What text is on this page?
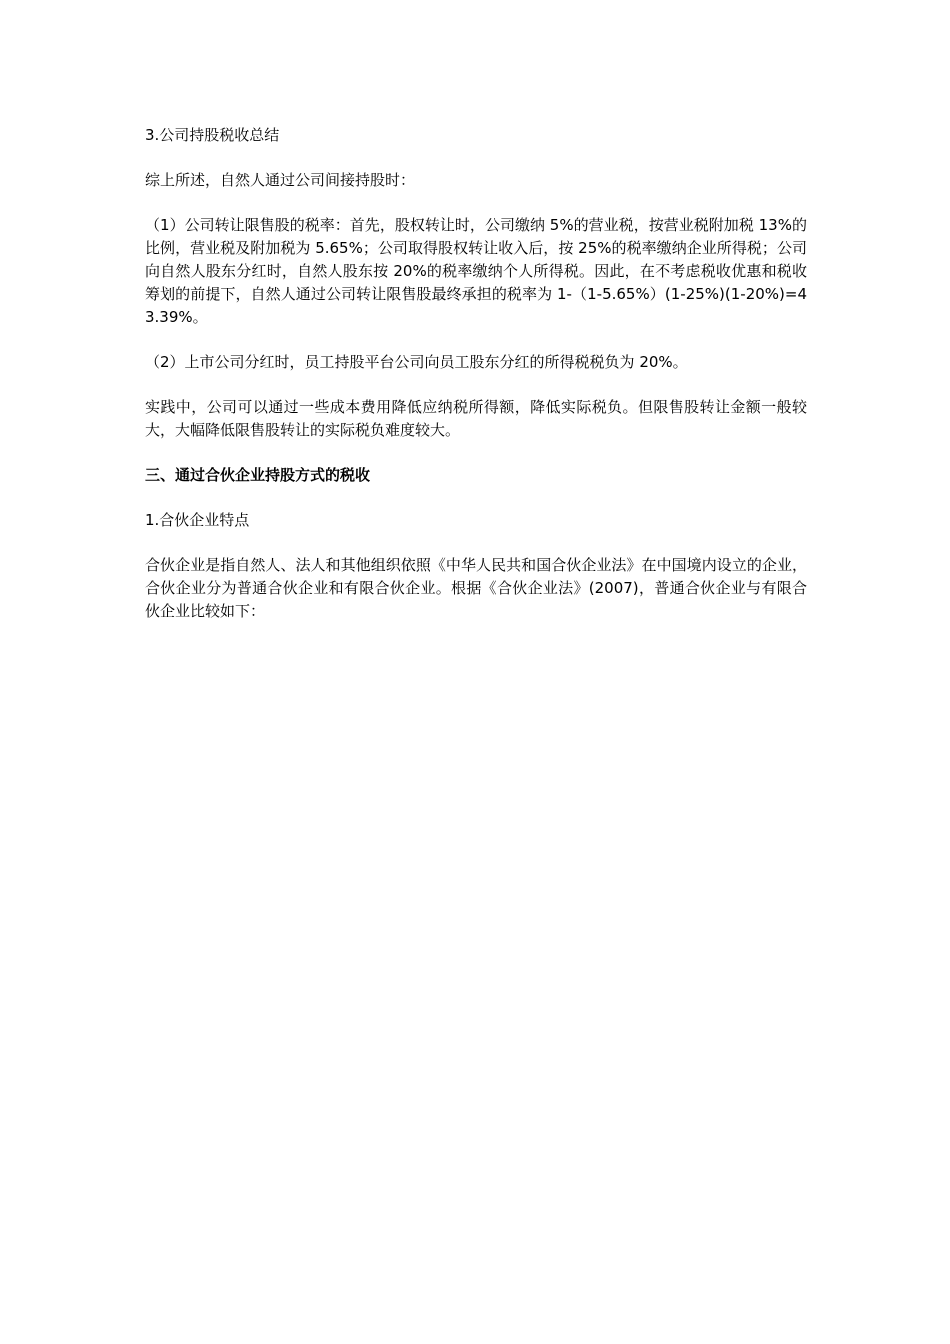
3.公司持股税收总结

综上所述，自然人通过公司间接持股时：

（1）公司转让限售股的税率：首先，股权转让时，公司缴纳 5%的营业税，按营业税附加税 13%的比例，营业税及附加税为 5.65%；公司取得股权转让收入后，按 25%的税率缴纳企业所得税；公司向自然人股东分红时，自然人股东按 20%的税率缴纳个人所得税。因此，在不考虑税收优惠和税收筹划的前提下，自然人通过公司转让限售股最终承担的税率为 1-（1-5.65%）(1-25%)(1-20%)=43.39%。

（2）上市公司分红时，员工持股平台公司向员工股东分红的所得税税负为 20%。

实践中，公司可以通过一些成本费用降低应纳税所得额，降低实际税负。但限售股转让金额一般较大，大幅降低限售股转让的实际税负难度较大。

三、通过合伙企业持股方式的税收

1.合伙企业特点

合伙企业是指自然人、法人和其他组织依照《中华人民共和国合伙企业法》在中国境内设立的企业，合伙企业分为普通合伙企业和有限合伙企业。根据《合伙企业法》(2007)，普通合伙企业与有限合伙企业比较如下：
